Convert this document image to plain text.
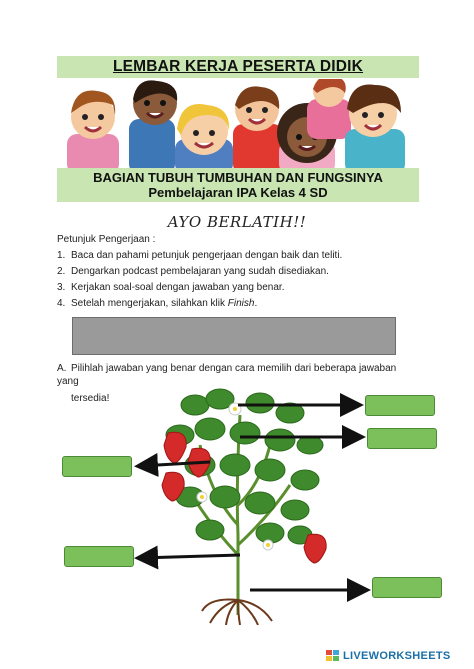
LEMBAR KERJA PESERTA DIDIK
BAGIAN TUBUH TUMBUHAN DAN FUNGSINYA
Pembelajaran IPA Kelas 4 SD
AYO BERLATIH!!
Petunjuk Pengerjaan :
1. Baca dan pahami petunjuk pengerjaan dengan baik dan teliti.
2. Dengarkan podcast pembelajaran yang sudah disediakan.
3. Kerjakan soal-soal dengan jawaban yang benar.
4. Setelah mengerjakan, silahkan klik Finish.
A. Pilihlah jawaban yang benar dengan cara memilih dari beberapa jawaban yang
tersedia!
LIVEWORKSHEETS
